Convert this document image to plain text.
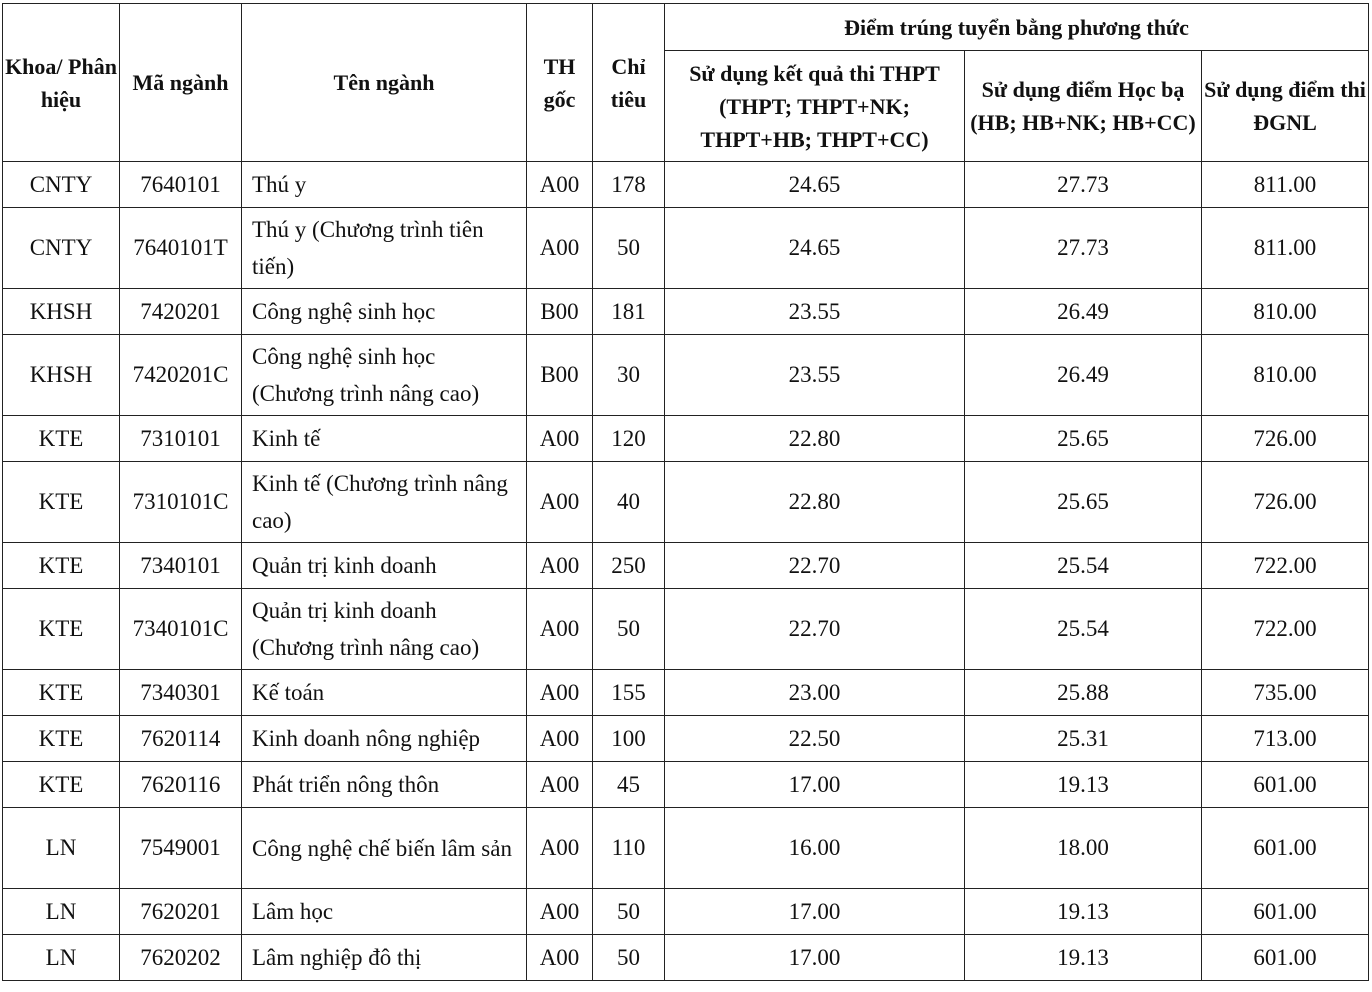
Khoa/ Phân hiệu	Mã ngành	Tên ngành	TH gốc	Chỉ tiêu	Điểm trúng tuyển bằng phương thức		
					Sử dụng kết quả thi THPT (THPT; THPT+NK; THPT+HB; THPT+CC)	Sử dụng điểm Học bạ (HB; HB+NK; HB+CC)	Sử dụng điểm thi ĐGNL
CNTY	7640101	Thú y	A00	178	24.65	27.73	811.00
CNTY	7640101T	Thú y (Chương trình tiên tiến)	A00	50	24.65	27.73	811.00
KHSH	7420201	Công nghệ sinh học	B00	181	23.55	26.49	810.00
KHSH	7420201C	Công nghệ sinh học (Chương trình nâng cao)	B00	30	23.55	26.49	810.00
KTE	7310101	Kinh tế	A00	120	22.80	25.65	726.00
KTE	7310101C	Kinh tế (Chương trình nâng cao)	A00	40	22.80	25.65	726.00
KTE	7340101	Quản trị kinh doanh	A00	250	22.70	25.54	722.00
KTE	7340101C	Quản trị kinh doanh (Chương trình nâng cao)	A00	50	22.70	25.54	722.00
KTE	7340301	Kế toán	A00	155	23.00	25.88	735.00
KTE	7620114	Kinh doanh nông nghiệp	A00	100	22.50	25.31	713.00
KTE	7620116	Phát triển nông thôn	A00	45	17.00	19.13	601.00
LN	7549001	Công nghệ chế biến lâm sản	A00	110	16.00	18.00	601.00
LN	7620201	Lâm học	A00	50	17.00	19.13	601.00
LN	7620202	Lâm nghiệp đô thị	A00	50	17.00	19.13	601.00
